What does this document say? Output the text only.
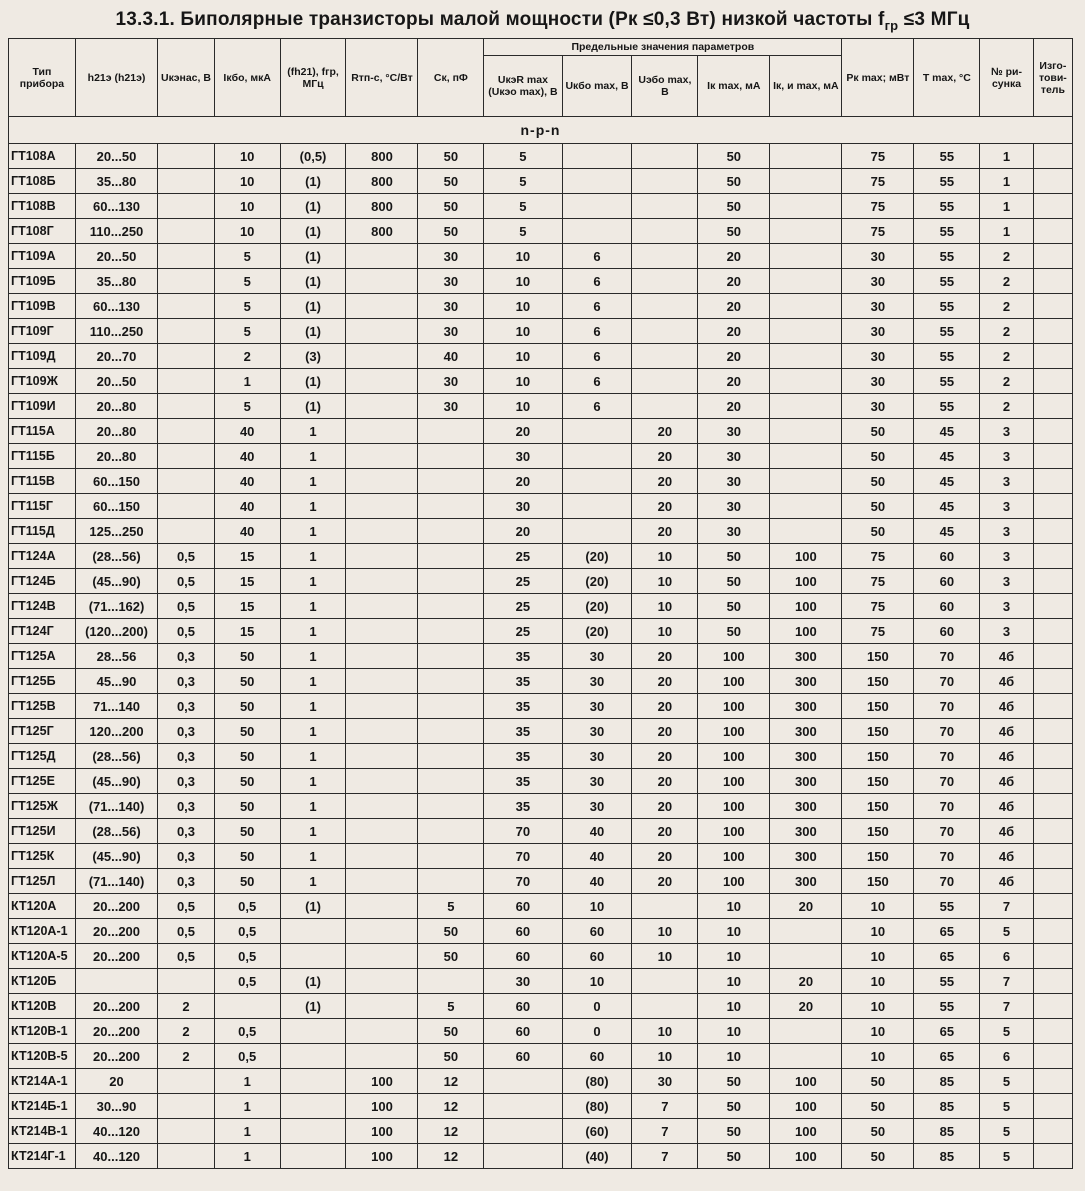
13.3.1. Биполярные транзисторы малой мощности (Pк ≤0,3 Вт) низкой частоты $f_{гр} \le 3$ МГц
Тип прибора	h21э (h21э)	Uкэнас, В	Iкбо, мкА	(fh21), fгр, МГц	Rтп-с, °С/Вт	Cк, пФ	Предельные значения параметров					Pк max; мВт	T max, °С	№ ри- сунка	Изго- тови- тель
							UкэR max (Uкэо max), В	Uкбо max, В	Uэбо max, В	Iк max, мА	Iк, и max, мА				
n-p-n															
ГТ108А	20...50		10	(0,5)	800	50	5			50		75	55	1	
ГТ108Б	35...80		10	(1)	800	50	5			50		75	55	1	
ГТ108В	60...130		10	(1)	800	50	5			50		75	55	1	
ГТ108Г	110...250		10	(1)	800	50	5			50		75	55	1	
ГТ109А	20...50		5	(1)		30	10	6		20		30	55	2	
ГТ109Б	35...80		5	(1)		30	10	6		20		30	55	2	
ГТ109В	60...130		5	(1)		30	10	6		20		30	55	2	
ГТ109Г	110...250		5	(1)		30	10	6		20		30	55	2	
ГТ109Д	20...70		2	(3)		40	10	6		20		30	55	2	
ГТ109Ж	20...50		1	(1)		30	10	6		20		30	55	2	
ГТ109И	20...80		5	(1)		30	10	6		20		30	55	2	
ГТ115А	20...80		40	1			20		20	30		50	45	3	
ГТ115Б	20...80		40	1			30		20	30		50	45	3	
ГТ115В	60...150		40	1			20		20	30		50	45	3	
ГТ115Г	60...150		40	1			30		20	30		50	45	3	
ГТ115Д	125...250		40	1			20		20	30		50	45	3	
ГТ124А	(28...56)	0,5	15	1			25	(20)	10	50	100	75	60	3	
ГТ124Б	(45...90)	0,5	15	1			25	(20)	10	50	100	75	60	3	
ГТ124В	(71...162)	0,5	15	1			25	(20)	10	50	100	75	60	3	
ГТ124Г	(120...200)	0,5	15	1			25	(20)	10	50	100	75	60	3	
ГТ125А	28...56	0,3	50	1			35	30	20	100	300	150	70	4б	
ГТ125Б	45...90	0,3	50	1			35	30	20	100	300	150	70	4б	
ГТ125В	71...140	0,3	50	1			35	30	20	100	300	150	70	4б	
ГТ125Г	120...200	0,3	50	1			35	30	20	100	300	150	70	4б	
ГТ125Д	(28...56)	0,3	50	1			35	30	20	100	300	150	70	4б	
ГТ125Е	(45...90)	0,3	50	1			35	30	20	100	300	150	70	4б	
ГТ125Ж	(71...140)	0,3	50	1			35	30	20	100	300	150	70	4б	
ГТ125И	(28...56)	0,3	50	1			70	40	20	100	300	150	70	4б	
ГТ125К	(45...90)	0,3	50	1			70	40	20	100	300	150	70	4б	
ГТ125Л	(71...140)	0,3	50	1			70	40	20	100	300	150	70	4б	
КТ120А	20...200	0,5	0,5	(1)		5	60	10		10	20	10	55	7	
КТ120А-1	20...200	0,5	0,5			50	60	60	10	10		10	65	5	
КТ120А-5	20...200	0,5	0,5			50	60	60	10	10		10	65	6	
КТ120Б			0,5	(1)			30	10		10	20	10	55	7	
КТ120В	20...200	2		(1)		5	60	0		10	20	10	55	7	
КТ120В-1	20...200	2	0,5			50	60	0	10	10		10	65	5	
КТ120В-5	20...200	2	0,5			50	60	60	10	10		10	65	6	
КТ214А-1	20		1		100	12		(80)	30	50	100	50	85	5	
КТ214Б-1	30...90		1		100	12		(80)	7	50	100	50	85	5	
КТ214В-1	40...120		1		100	12		(60)	7	50	100	50	85	5	
КТ214Г-1	40...120		1		100	12		(40)	7	50	100	50	85	5	
